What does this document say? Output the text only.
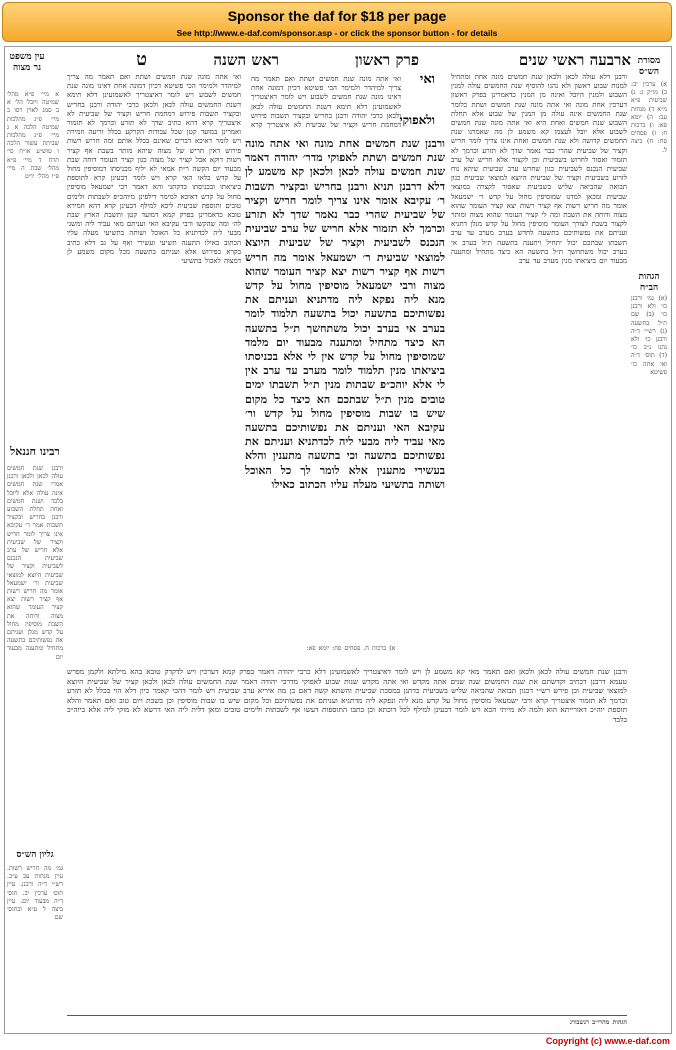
Sponsor the daf for $18 per page
See http://www.e-daf.com/sponsor.asp - or click the sponsor button - for details
ארבעה ראשי שנים
פרק ראשון
ראש השנה
ט	מסורת הש״ס
עין משפט נר מצוה
א) ערכין יב: ב) מו״ק ג: ג) שביעית פ״א מ״א ד) מנחות עב: ה) יומא פא: ו) ברכות ח: ז) פסחים סח: ח) ביצה ל.
הגהות הב״ח
(א) גמ׳ ורבנן כו׳ ולא ורבנן כו׳ (ב) שם ת״ל בתשעה (ג) רש״י ד״ה ורבנן כו׳ ולא נהגו נ״ב כו׳ (ד) תוס׳ ד״ה ואי אתה כו׳ פשיטא
ורבנן דלא עולה לכאן ולכאן שנת חמשים מונה אחת ומתחיל למנות שבוע ראשון ולא נהגו להוסיף שנת החמשים עולה למנין השבוע ולמנין היובל ואינה מן המנין כדאמרינן בפרק ראשון דערכין אחת מונה ואי אתה מונה שנת חמשים ושתת כלומר שנת החמשים אינה עולה מן המנין של שבוע אלא תחלת השבוע שנת חמשים ואחת היא ואי אתה מונה שנת חמשים לשבוע אלא יובל לעצמו קא משמע לן מה שאמרנו שנת החמשים קדושה ולא שנת חמשים ואחת אינו צריך לומר חריש וקציר של שביעית שהרי כבר נאמר שדך לא תזרע וכרמך לא תזמור ואסור לחרוש בשביעית וכן לקצור אלא חריש של ערב שביעית הנכנס לשביעית כגון שחרש ערב שביעית שיהא נוח לזרוע בשביעית וקציר של שביעית היוצא למוצאי שביעית כגון תבואה שהביאה שליש בשביעית שאסור לקצרה במוצאי שביעית ומכאן למדנו שמוסיפין מחול על קדש ר׳ ישמעאל אומר מה חריש רשות אף קציר רשות יצא קציר העומר שהוא מצוה ודוחה את השבת ומה לי קציר העומר שהוא מצוה ומותר לקצור בשבת לצורך העומר מוסיפין מחול על קדש מנלן דתניא ועניתם את נפשותיכם בתשעה לחדש בערב מערב עד ערב תשבתו שבתכם יכול יתחיל ויתענה בתשעה ת״ל בערב אי בערב יכול משתחשך ת״ל בתשעה הא כיצד מתחיל ומתענה מבעוד יום ביציאתו מנין מערב עד ערב
ואי
ולאפוקי
ואי אתה מונה שנת חמשים ושתת ואם תאמר מה צריך למיהדר ולמימר הכי פשיטא דכיון דמונה אחת דאינו מונה שנת חמשים לשבוע ויש לומר דאיצטריך לאשמועינן דלא תימא דשנת החמשים עולה לכאן ולכאן כרבי יהודה ורבנן בחריש ובקציר תשבות פירוש דמחמת חריש וקציר של שביעית לא איצטריך קרא
ורבנן שנת חמשים אחת מונה ואי אתה מונה שנת חמשים ושתת לאפוקי מדר׳ יהודה דאמר שנת חמשים עולה לכאן ולכאן קא משמע לן דלא דרבנן תניא ורבנן בחריש ובקציר תשבות ר׳ עקיבא אומר אינו צריך לומר חריש וקציר של שביעית שהרי כבר נאמר שדך לא תזרע וכרמך לא תזמור אלא חריש של ערב שביעית הנכנס לשביעית וקציר של שביעית היוצא למוצאי שביעית ר׳ ישמעאל אומר מה חריש רשות אף קציר רשות יצא קציר העומר שהוא מצוה ורבי ישמעאל מוסיפין מחול על קדש מנא ליה נפקא ליה מדתניא ועניתם את נפשותיכם בתשעה יכול בתשעה תלמוד לומר בערב אי בערב יכול משתחשך ת״ל בתשעה הא כיצד מתחיל ומתענה מבעוד יום מלמד שמוסיפין מחול על קדש אין לי אלא בכניסתו ביציאתו מנין תלמוד לומר מערב עד ערב אין לי אלא יוהכ״פ שבתות מנין ת״ל תשבתו ימים טובים מנין ת״ל שבתכם הא כיצד כל מקום שיש בו שבות מוסיפין מחול על קדש ור׳ עקיבא האי ועניתם את נפשותיכם בתשעה מאי עביד ליה מבעי ליה לכדתניא ועניתם את נפשותיכם בתשעה וכי בתשעה מתענין והלא בעשירי מתענין אלא לומר לך כל האוכל ושותה בתשיעי מעלה עליו הכתוב כאילו
א) ברכות ח. פסחים סח: יומא פא:
ואי אתה מונה שנת חמשים ושתת ואם תאמר מה צריך למיהדר ולמימר הכי פשיטא דכיון דמונה אחת דאינו מונה שנת חמשים לשבוע ויש לומר דאיצטריך לאשמועינן דלא תימא דשנת החמשים עולה לכאן ולכאן כרבי יהודה ורבנן בחריש ובקציר תשבות פירוש דמחמת חריש וקציר של שביעית לא איצטריך קרא דהא כתיב שדך לא תזרע וכרמך לא תזמור ואמרינן במועד קטן שכל עבודות הקרקע בכלל זריעה וזמירה ויש לומר דאיכא דברים שאינם בכלל אותם ומה חריש רשות פירוש דאין חריש של מצוה שיהא מותר בשבת אף קציר רשות דוקא אבל קציר של מצוה כגון קציר העומר דוחה שבת מבעוד יום הקשה ר״ת אמאי לא יליף מכניסתו דמוסיפין מחול על קדש בלאו האי קרא ויש לומר דבעינן קרא לתוספת ביציאתו ובכניסתו כדקתני והא דאמר רבי ישמעאל מוסיפין מחול על קדש דאיכא למימר דילפינן מיוהכ״פ לשבתות ולימים טובים ותוספת שביעית ליכא למילף דבעינן קרא דהא חמירא טובא כדאמרינן בפרק קמא דמועד קטן ותשבת הארץ שבת לה׳ ומה שהקשו ורבי עקיבא האי ועניתם מאי עביד ליה ומשני מבעי ליה לכדתניא כל האוכל ושותה בתשיעי מעלה עליו הכתוב כאילו התענה תשיעי ועשירי ואף על גב דלא כתיב בקרא בפירוש אלא ועניתם בתשעה מכל מקום משמע לן דמצוה לאכול בתשיעי
א מיי׳ פ״א מהל׳ שמיטה ויובל הל׳ א ב סמג לאוין רסו ב מיי׳ פ״ג מהלכות שמיטה הלכה א ג מיי׳ פ״ג מהלכות שביתת עשור הלכה ו טוש״ע או״ח סי׳ תרח ד מיי׳ פ״א מהל׳ שבת ה מיי׳ פ״ו מהל׳ יו״ט
רבינו חננאל
ורבנן שנת חמשים עולה לכאן ולכאן ורבנן אמרי שנת חמשים אינה עולה אלא ליובל בלבד ושנת חמשים ואחת תחלת השבוע ורבנן בחריש ובקציר תשבות אמר ר׳ עקיבא אינו צריך לומר חריש וקציר של שביעית אלא חריש של ערב שביעית הנכנס לשביעית וקציר של שביעית היוצא למוצאי שביעית ור׳ ישמעאל אומר מה חריש רשות אף קציר רשות יצא קציר העומר שהוא מצוה ודוחה את השבת מוסיפין מחול על קדש מנלן ועניתם את נפשותיכם בתשעה מתחיל ומתענה מבעוד יום
גליון הש״ס
גמ׳ מה חריש רשות. עיין מנחות עב ע״ב. רש״י ד״ה ורבנן. עיין תוס׳ ערכין יב. תוס׳ ד״ה מבעוד יום. עיין ביצה ל ע״א ובתוס׳ שם
ורבנן שנת חמשים עולה לכאן ולכאן ואם תאמר מאי קא משמע לן ויש לומר דאיצטריך לאשמועינן דלא כרבי יהודה דאמר בפרק קמא דערכין ויש לדקדק טובא בהא מילתא ולקמן מפרש טעמא דרבנן דכתיב וקדשתם את שנת החמשים שנה שנים אתה מקדש ואי אתה מקדש שנות שבוע לאפוקי מדרבי יהודה דאמר שנת החמשים עולה לכאן ולכאן קציר של שביעית היוצא למוצאי שביעית וכן פירש רש״י דכגון תבואה שהביאה שליש בשביעית כדתנן במסכת שביעית והשתא קשה דאם כן מה איריא ערב שביעית ויש לומר דהכי קאמר כיון דלא הוי בכלל לא תזרע וכרמך לא תזמור איצטריך קרא ורבי ישמעאל מוסיפין מחול על קדש מנא ליה ונפקא ליה מדתניא ועניתם את נפשותיכם וכל מקום שיש בו שבות מוסיפין וכן בשבת ויום טוב ואם תאמר והלא תוספת יוה״כ דאורייתא הוא ולמה לא מייתי הכא ויש לומר דבעינן למילף לכל דוכתא וכן כתבו התוספות דעשו אף לשבתות ולימים טובים ומאן דלית ליה האי דרשא לא מוקי ליה אלא ביוה״כ בלבד
הגהות מהרי״ב רנשבורג
Copyright (c) www.e-daf.com
